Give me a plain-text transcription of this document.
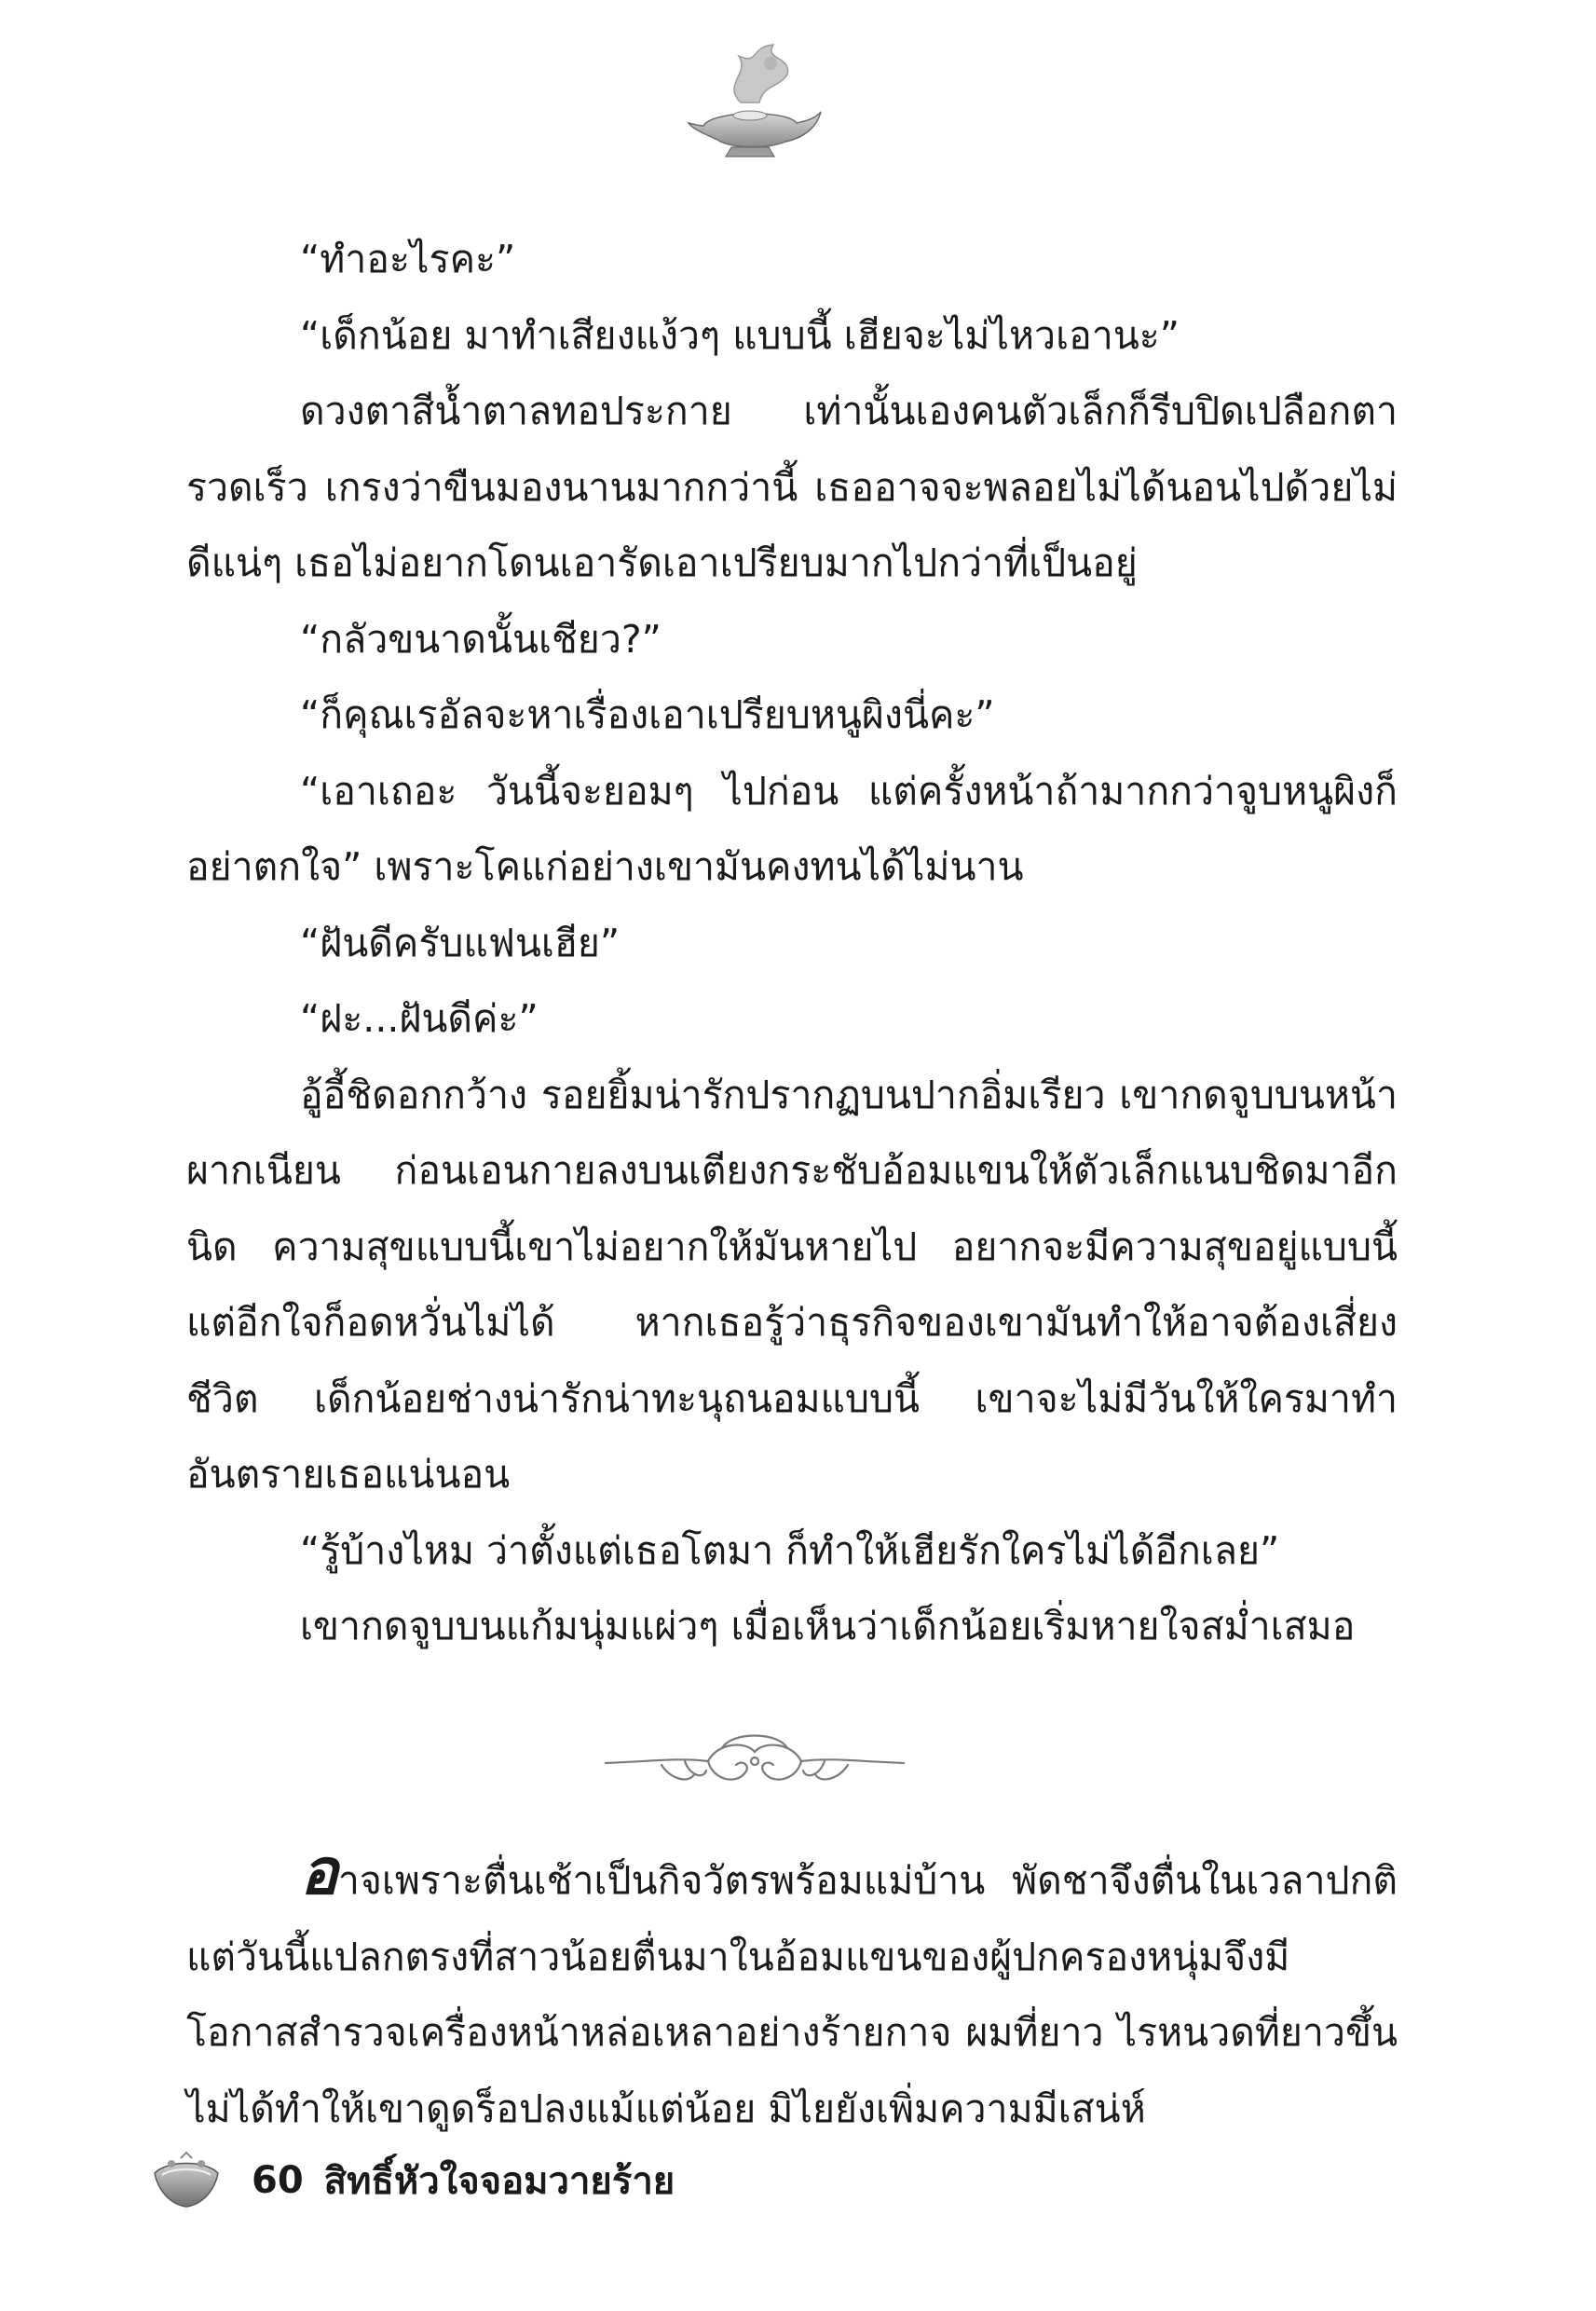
“ทำอะไรคะ”

“เด็กน้อย มาทำเสียงแง้วๆ แบบนี้ เฮียจะไม่ไหวเอานะ”

ดวงตาสีน้ำตาลทอประกาย เท่านั้นเองคนตัวเล็กก็รีบปิดเปลือกตารวดเร็ว เกรงว่าขืนมองนานมากกว่านี้ เธออาจจะพลอยไม่ได้นอนไปด้วยไม่ดีแน่ๆ เธอไม่อยากโดนเอารัดเอาเปรียบมากไปกว่าที่เป็นอยู่

“กลัวขนาดนั้นเชียว?”

“ก็คุณเรอัลจะหาเรื่องเอาเปรียบหนูผิงนี่คะ”

“เอาเถอะ วันนี้จะยอมๆ ไปก่อน แต่ครั้งหน้าถ้ามากกว่าจูบหนูผิงก็อย่าตกใจ” เพราะโคแก่อย่างเขามันคงทนได้ไม่นาน

“ฝันดีครับแฟนเฮีย”

“ฝะ...ฝันดีค่ะ”

อู้อี้ชิดอกกว้าง รอยยิ้มน่ารักปรากฏบนปากอิ่มเรียว เขากดจูบบนหน้าผากเนียน ก่อนเอนกายลงบนเตียงกระชับอ้อมแขนให้ตัวเล็กแนบชิดมาอีกนิด ความสุขแบบนี้เขาไม่อยากให้มันหายไป อยากจะมีความสุขอยู่แบบนี้ แต่อีกใจก็อดหวั่นไม่ได้ หากเธอรู้ว่าธุรกิจของเขามันทำให้อาจต้องเสี่ยงชีวิต เด็กน้อยช่างน่ารักน่าทะนุถนอมแบบนี้ เขาจะไม่มีวันให้ใครมาทำอันตรายเธอแน่นอน

“รู้บ้างไหม ว่าตั้งแต่เธอโตมา ก็ทำให้เฮียรักใครไม่ได้อีกเลย”

เขากดจูบบนแก้มนุ่มแผ่วๆ เมื่อเห็นว่าเด็กน้อยเริ่มหายใจสม่ำเสมอ

อาจเพราะตื่นเช้าเป็นกิจวัตรพร้อมแม่บ้าน พัดชาจึงตื่นในเวลาปกติ แต่วันนี้แปลกตรงที่สาวน้อยตื่นมาในอ้อมแขนของผู้ปกครองหนุ่มจึงมีโอกาสสำรวจเครื่องหน้าหล่อเหลาอย่างร้ายกาจ ผมที่ยาว ไรหนวดที่ยาวขึ้นไม่ได้ทำให้เขาดูดร็อปลงแม้แต่น้อย มิไยยังเพิ่มความมีเสน่ห์

60 สิทธิ์หัวใจจอมวายร้าย
